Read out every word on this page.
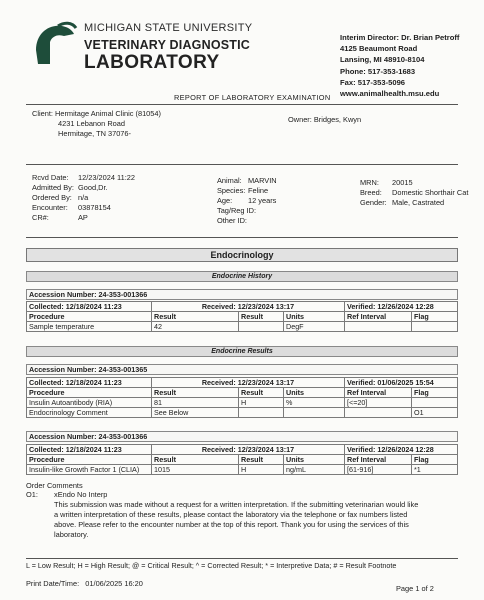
MICHIGAN STATE UNIVERSITY
VETERINARY DIAGNOSTIC
LABORATORY
Interim Director: Dr. Brian Petroff
4125 Beaumont Road
Lansing, MI 48910-8104
Phone: 517-353-1683
Fax: 517-353-5096
www.animalhealth.msu.edu
REPORT OF LABORATORY EXAMINATION
Client: Hermitage Animal Clinic (81054)
4231 Lebanon Road
Hermitage, TN 37076-
Owner: Bridges, Kwyn
Rcvd Date: 12/23/2024 11:22
Admitted By: Good,Dr.
Ordered By: n/a
Encounter: 03878154
CR#:	AP
Animal: MARVIN
Species: Feline
Age: 12 years
Tag/Reg ID:
Other ID:
MRN: 20015
Breed: Domestic Shorthair Cat
Gender: Male, Castrated
Endocrinology
Endocrine History
Accession Number: 24-353-001366
Collected: 12/18/2024 11:23	Received: 12/23/2024 13:17			Verified: 12/26/2024 12:28	
Procedure	Result	Result	Units	Ref Interval	Flag
Sample temperature	42		DegF		
Endocrine Results
Accession Number: 24-353-001365
Collected: 12/18/2024 11:23	Received: 12/23/2024 13:17			Verified: 01/06/2025 15:54	
Procedure	Result	Result	Units	Ref Interval	Flag
Insulin Autoantibody (RIA)	81	H	%	[<=20]	
Endocrinology Comment	See Below				O1
Accession Number: 24-353-001366
Collected: 12/18/2024 11:23	Received: 12/23/2024 13:17			Verified: 12/26/2024 12:28	
Procedure	Result	Result	Units	Ref Interval	Flag
Insulin-like Growth Factor 1 (CLIA)	1015	H	ng/mL	[61-916]	*1
Order Comments
O1: xEndo No Interp
This submission was made without a request for a written interpretation. If the submitting veterinarian would like
a written interpretation of these results, please contact the laboratory via the telephone or fax numbers listed
above. Please refer to the encounter number at the top of this report. Thank you for using the services of this
laboratory.
L = Low Result; H = High Result; @ = Critical Result; ^ = Corrected Result; * = Interpretive Data; # = Result Footnote
Print Date/Time: 01/06/2025 16:20
Page 1 of 2
